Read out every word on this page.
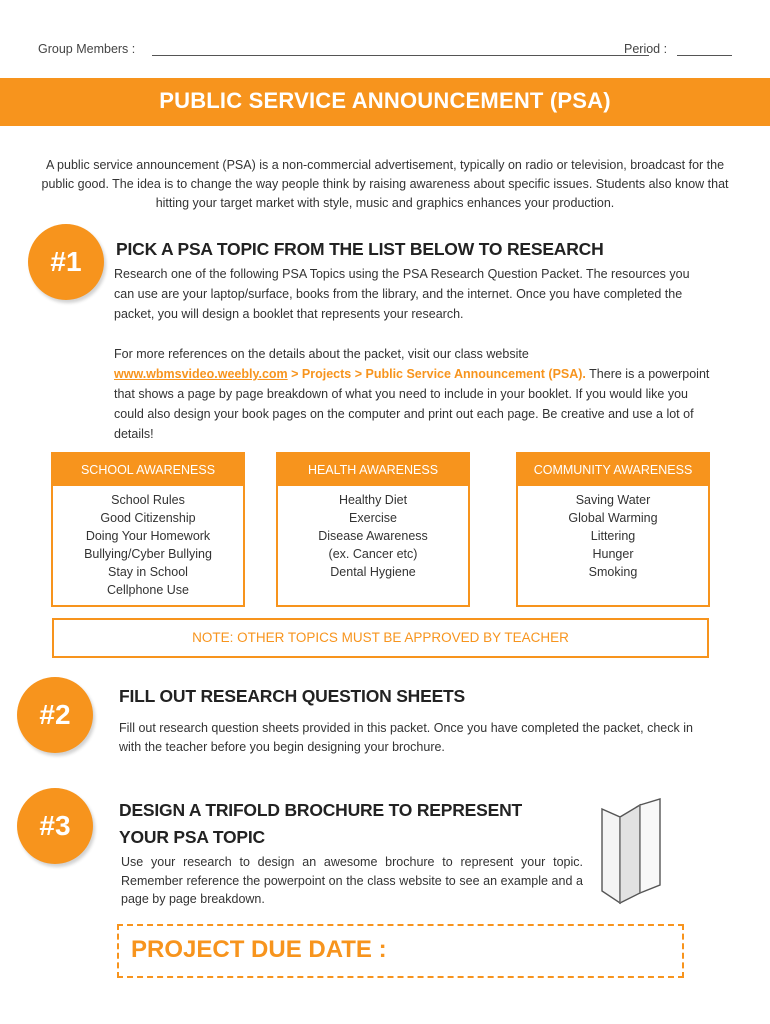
Group Members :	Period :
PUBLIC SERVICE ANNOUNCEMENT (PSA)

A public service announcement (PSA) is a non-commercial advertisement, typically on radio or television, broadcast for the public good. The idea is to change the way people think by raising awareness about specific issues. Students also know that hitting your target market with style, music and graphics enhances your production.

#1	PICK A PSA TOPIC FROM THE LIST BELOW TO RESEARCH

Research one of the following PSA Topics using the PSA Research Question Packet. The resources you can use are your laptop/surface, books from the library, and the internet. Once you have completed the packet, you will design a booklet that represents your research.

For more references on the details about the packet, visit our class website
www.wbmsvideo.weebly.com > Projects > Public Service Announcement (PSA). There is a powerpoint that shows a page by page breakdown of what you need to include in your booklet. If you would like you could also design your book pages on the computer and print out each page. Be creative and use a lot of details!

SCHOOL AWARENESS
School Rules
Good Citizenship
Doing Your Homework
Bullying/Cyber Bullying
Stay in School
Cellphone Use
HEALTH AWARENESS
Healthy Diet
Exercise
Disease Awareness
(ex. Cancer etc)
Dental Hygiene
COMMUNITY AWARENESS
Saving Water
Global Warming
Littering
Hunger
Smoking
NOTE: OTHER TOPICS MUST BE APPROVED BY TEACHER
#2
FILL OUT RESEARCH QUESTION SHEETS

Fill out research question sheets provided in this packet. Once you have completed the packet, check in with the teacher before you begin designing your brochure.

#3	DESIGN A TRIFOLD BROCHURE TO REPRESENT
YOUR PSA TOPIC

Use your research to design an awesome brochure to represent your topic. Remember reference the powerpoint on the class website to see an example and a page by page breakdown.

PROJECT DUE DATE :
